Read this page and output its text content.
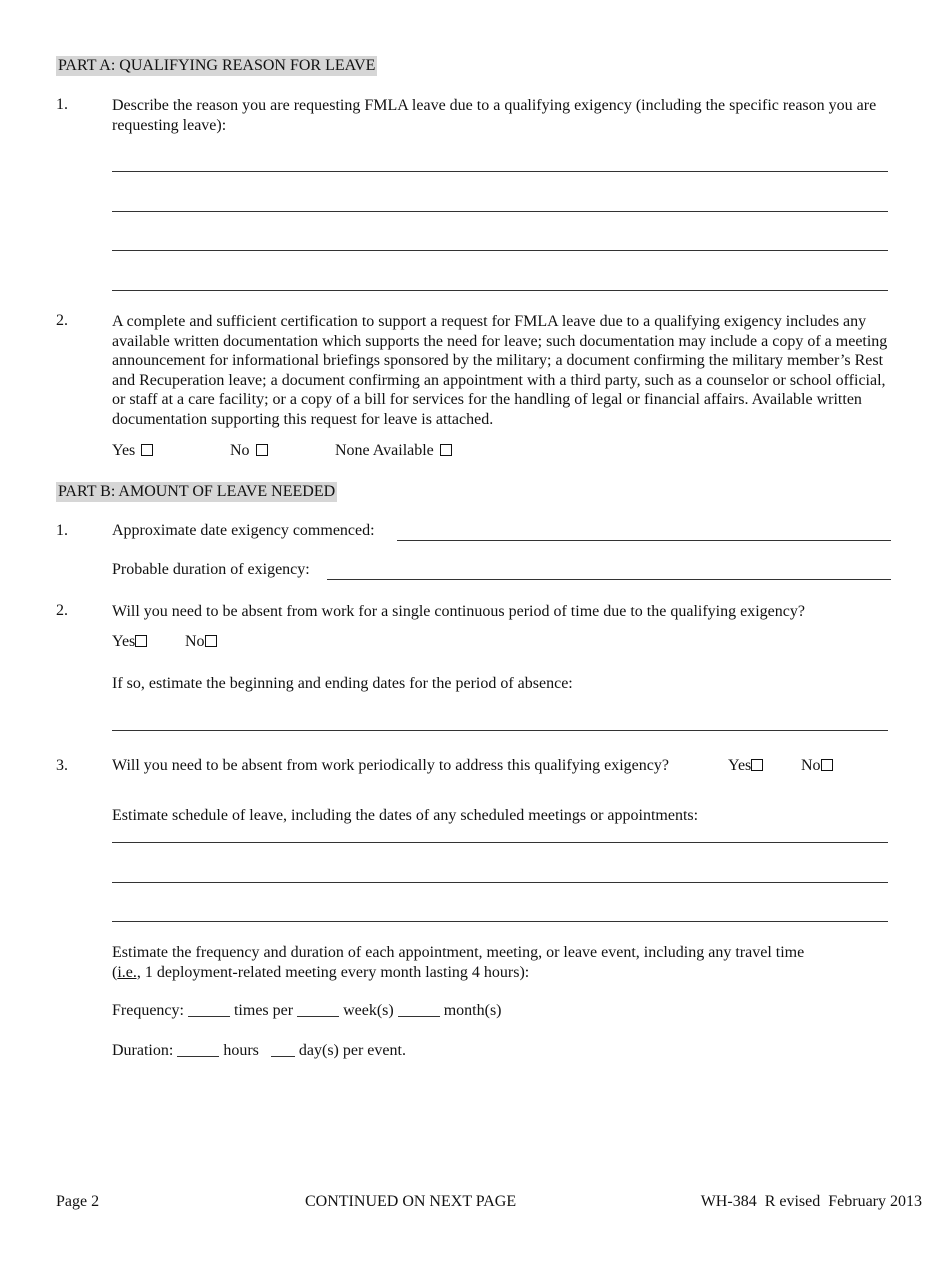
PART A: QUALIFYING REASON FOR LEAVE
1.	Describe the reason you are requesting FMLA leave due to a qualifying exigency (including the specific reason you are requesting leave):
2.	A complete and sufficient certification to support a request for FMLA leave due to a qualifying exigency includes any available written documentation which supports the need for leave; such documentation may include a copy of a meeting announcement for informational briefings sponsored by the military; a document confirming the military member’s Rest and Recuperation leave; a document confirming an appointment with a third party, such as a counselor or school official, or staff at a care facility; or a copy of a bill for services for the handling of legal or financial affairs. Available written documentation supporting this request for leave is attached.
Yes	No	None Available
PART B: AMOUNT OF LEAVE NEEDED
1.	Approximate date exigency commenced:
Probable duration of exigency:
2.	Will you need to be absent from work for a single continuous period of time due to the qualifying exigency?
Yes	No
If so, estimate the beginning and ending dates for the period of absence:
3.	Will you need to be absent from work periodically to address this qualifying exigency?	Yes	No
Estimate schedule of leave, including the dates of any scheduled meetings or appointments:
Estimate the frequency and duration of each appointment, meeting, or leave event, including any travel time
(i.e., 1 deployment-related meeting every month lasting 4 hours):
Frequency:	times per	week(s)	month(s)
Duration:	hours	day(s) per event.
Page 2	CONTINUED ON NEXT PAGE	WH-384  R evised  February 2013
